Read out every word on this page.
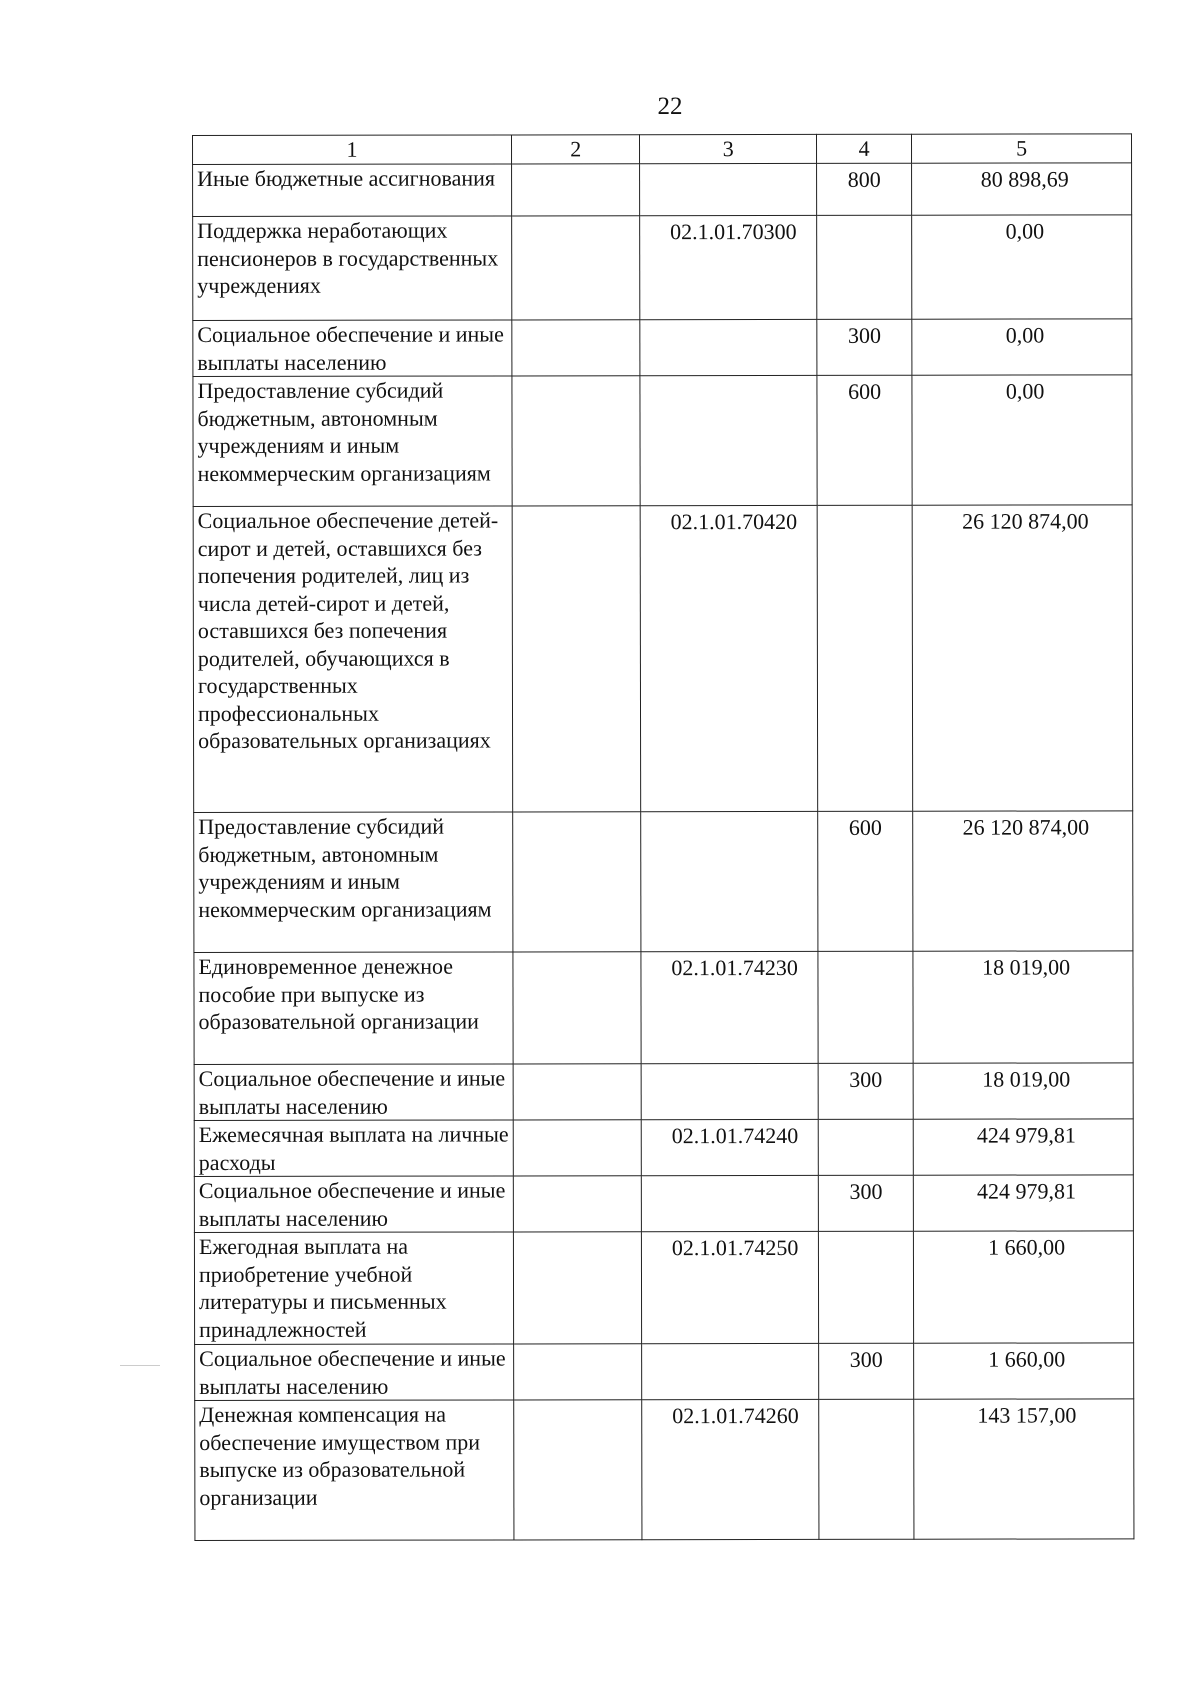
22
1	2	3	4	5
Иные бюджетные ассигнования			800	80 898,69
Поддержка неработающих пенсионеров в государственных учреждениях		02.1.01.70300		0,00
Социальное обеспечение и иные выплаты населению			300	0,00
Предоставление субсидий бюджетным, автономным учреждениям и иным некоммерческим организациям			600	0,00
Социальное обеспечение детей-сирот и детей, оставшихся без попечения родителей, лиц из числа детей-сирот и детей, оставшихся без попечения родителей, обучающихся в государственных профессиональных образовательных организациях		02.1.01.70420		26 120 874,00
Предоставление субсидий бюджетным, автономным учреждениям и иным некоммерческим организациям			600	26 120 874,00
Единовременное денежное пособие при выпуске из образовательной организации		02.1.01.74230		18 019,00
Социальное обеспечение и иные выплаты населению			300	18 019,00
Ежемесячная выплата на личные расходы		02.1.01.74240		424 979,81
Социальное обеспечение и иные выплаты населению			300	424 979,81
Ежегодная выплата на приобретение учебной литературы и письменных принадлежностей		02.1.01.74250		1 660,00
Социальное обеспечение и иные выплаты населению			300	1 660,00
Денежная компенсация на обеспечение имуществом при выпуске из образовательной организации		02.1.01.74260		143 157,00
